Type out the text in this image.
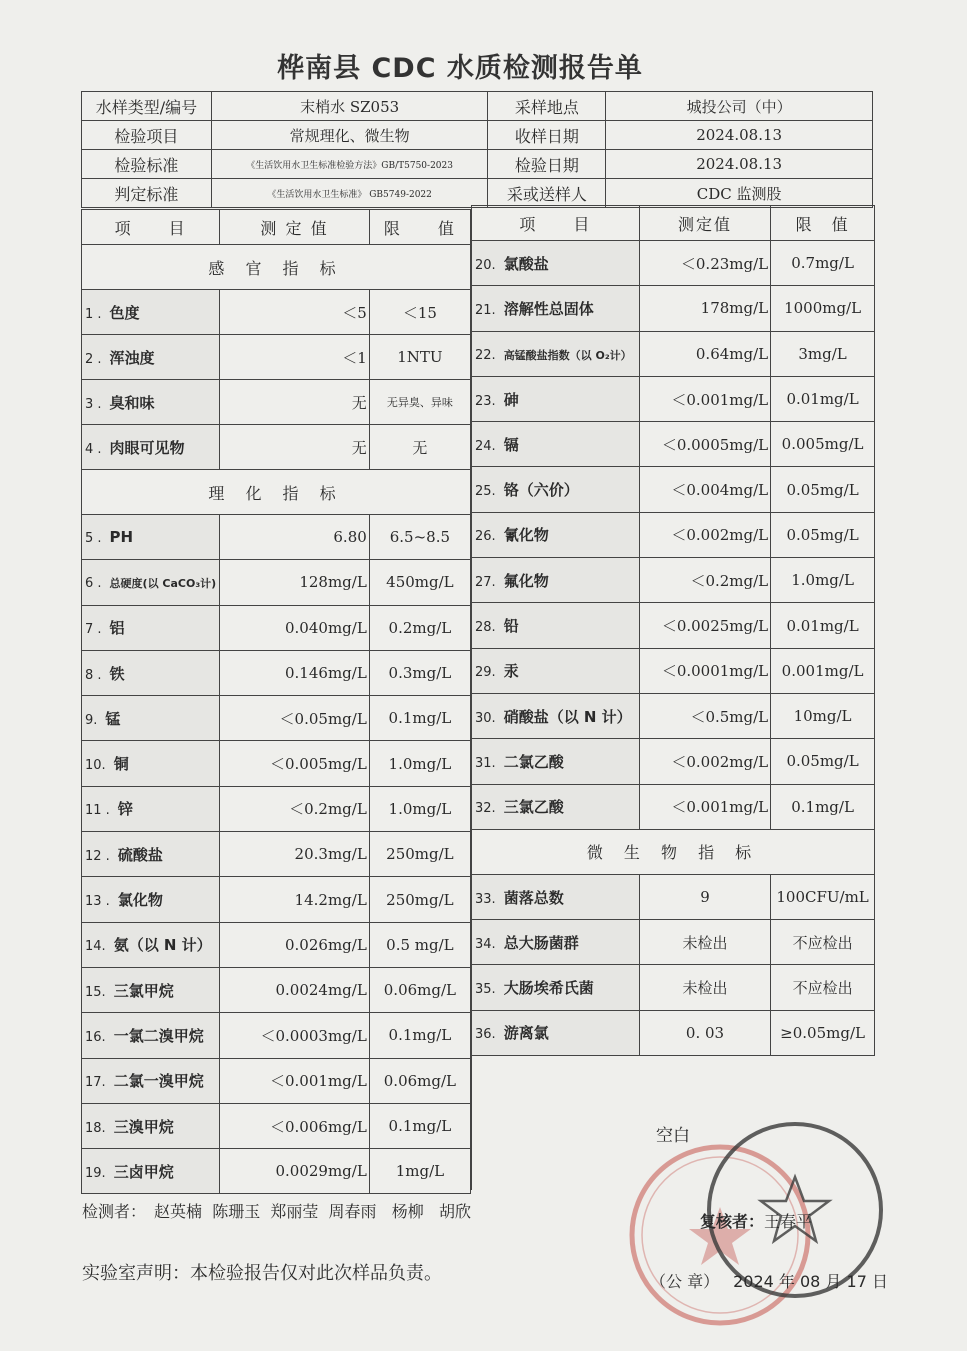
桦南县 CDC 水质检测报告单
水样类型/编号	末梢水 SZ053	采样地点	城投公司（中）
检验项目	常规理化、微生物	收样日期	2024.08.13
检验标准	《生活饮用水卫生标准检验方法》GB/T5750-2023	检验日期	2024.08.13
判定标准	《生活饮用水卫生标准》 GB5749-2022	采或送样人	CDC 监测股
项　　目	测 定 值	限　　值
感 官 指 标		
1 . 色度	＜5	＜15
2 . 浑浊度	＜1	1NTU
3 . 臭和味	无	无异臭、异味
4 . 肉眼可见物	无	无
理 化 指 标		
5 . PH	6.80	6.5~8.5
6 . 总硬度(以 CaCO₃计)	128mg/L	450mg/L
7 . 铝	0.040mg/L	0.2mg/L
8 . 铁	0.146mg/L	0.3mg/L
9. 锰	＜0.05mg/L	0.1mg/L
10. 铜	＜0.005mg/L	1.0mg/L
11 . 锌	＜0.2mg/L	1.0mg/L
12 . 硫酸盐	20.3mg/L	250mg/L
13 . 氯化物	14.2mg/L	250mg/L
14. 氨（以 N 计）	0.026mg/L	0.5 mg/L
15. 三氯甲烷	0.0024mg/L	0.06mg/L
16. 一氯二溴甲烷	＜0.0003mg/L	0.1mg/L
17. 二氯一溴甲烷	＜0.001mg/L	0.06mg/L
18. 三溴甲烷	＜0.006mg/L	0.1mg/L
19. 三卤甲烷	0.0029mg/L	1mg/L
项　　目	测定值	限　值
20. 氯酸盐	＜0.23mg/L	0.7mg/L
21. 溶解性总固体	178mg/L	1000mg/L
22. 高锰酸盐指数（以 O₂计）	0.64mg/L	3mg/L
23. 砷	＜0.001mg/L	0.01mg/L
24. 镉	＜0.0005mg/L	0.005mg/L
25. 铬（六价）	＜0.004mg/L	0.05mg/L
26. 氰化物	＜0.002mg/L	0.05mg/L
27. 氟化物	＜0.2mg/L	1.0mg/L
28. 铅	＜0.0025mg/L	0.01mg/L
29. 汞	＜0.0001mg/L	0.001mg/L
30. 硝酸盐（以 N 计）	＜0.5mg/L	10mg/L
31. 二氯乙酸	＜0.002mg/L	0.05mg/L
32. 三氯乙酸	＜0.001mg/L	0.1mg/L
微 生 物 指 标		
33. 菌落总数	9	100CFU/mL
34. 总大肠菌群	未检出	不应检出
35. 大肠埃希氏菌	未检出	不应检出
36. 游离氯	0. 03	≥0.05mg/L

空白
检测者： 赵英楠  陈珊玉  郑丽莹  周春雨   杨柳   胡欣
复核者：王春平
实验室声明：本检验报告仅对此次样品负责。	（公 章） 2024 年 08 月 17 日
